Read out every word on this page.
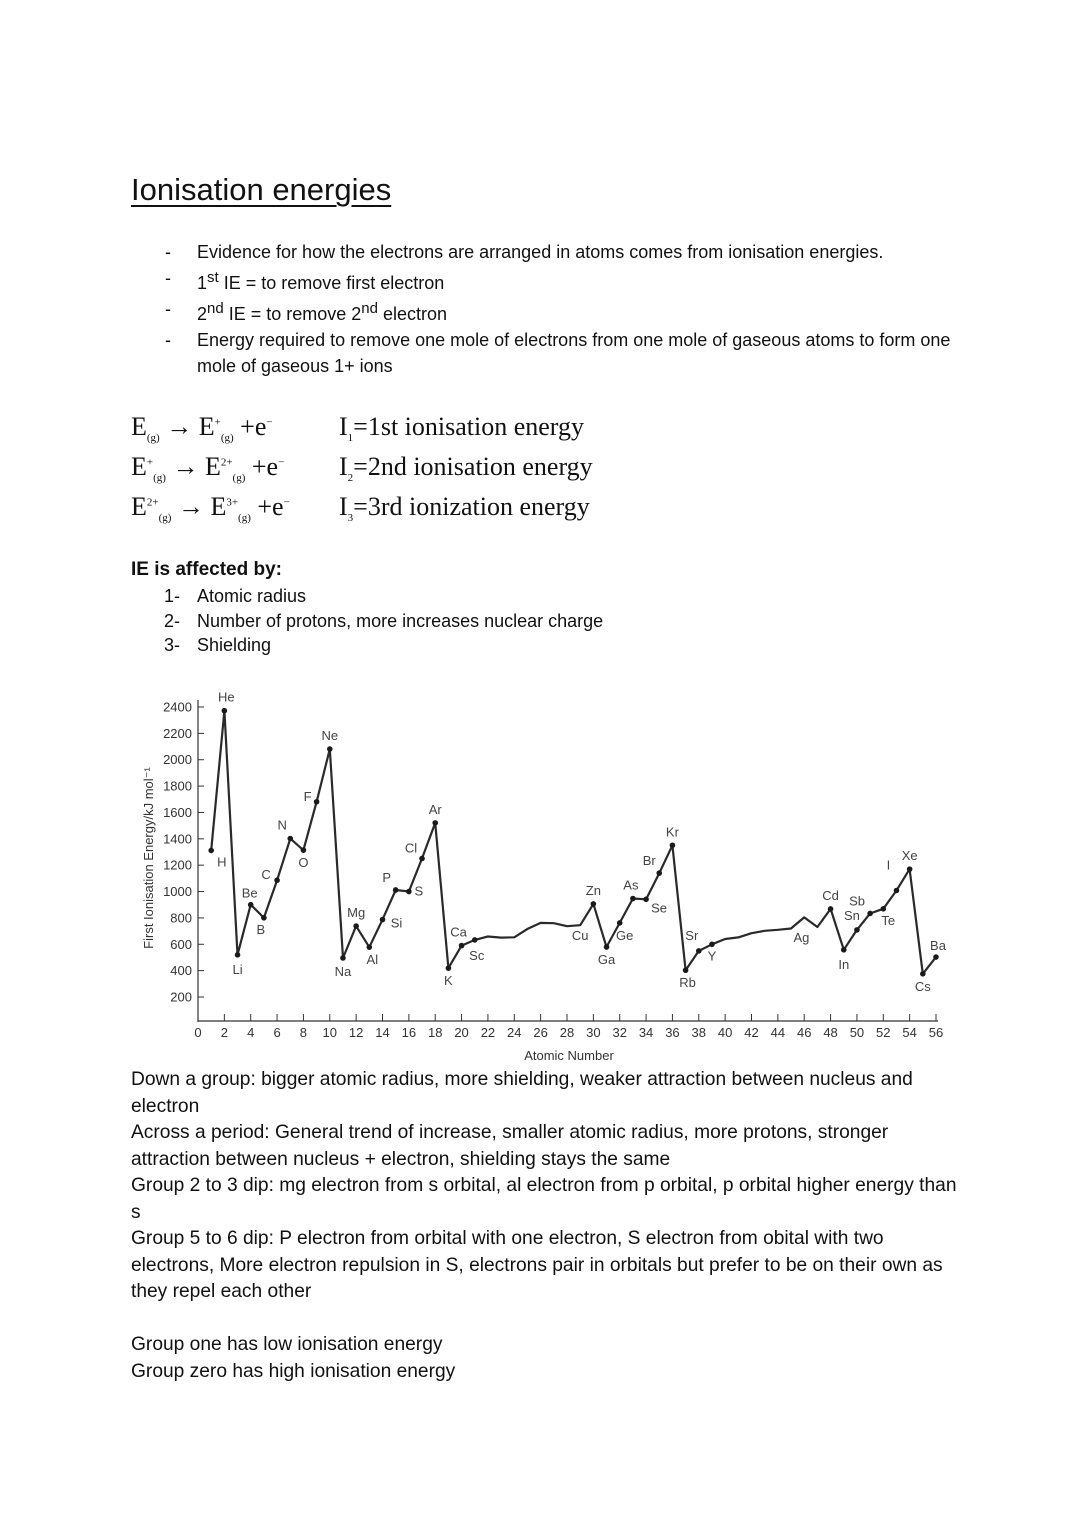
Ionisation energies
- Evidence for how the electrons are arranged in atoms comes from ionisation energies.
- 1st IE = to remove first electron
- 2nd IE = to remove 2nd electron
- Energy required to remove one mole of electrons from one mole of gaseous atoms to form one mole of gaseous 1+ ions
$E_{(g)} \to E^+_{(g)} +e^-$	$I_1=1st$ ionisation energy
$E^+_{(g)} \to E^{2+}_{(g)} +e^-$ $I_2=2nd$ ionisation energy
$E^{2+}_{(g)} \to E^{3+}_{(g)} +e^-$ $I_3=3rd$ ionization energy

IE is affected by:

1- Atomic radius
2- Number of protons, more increases nuclear charge
3- Shielding
200
400
600
800
1000
1200
1400
1600
1800
2000
2200
2400
0 2 4 6 8 10 12 14 16 18 20 22 24 26 28 30 32 34 36 38 40 42 44 46 48 50 52 54 56
Atomic Number
First Ionisation Energy/kJ mol⁻¹	H
He
Li
Be
B
C
N
O
F
Ne
Na
Mg
Al
Si
P
S
Cl
Ar
K
Ca
Sc
Cu
Zn
Ga
Ge
As
Se
Br
Kr
Rb
Sr
Y
Ag
Cd
In
Sn
Sb
Te
I
Xe
Cs
Ba

Down a group: bigger atomic radius, more shielding, weaker attraction between nucleus and electron

Across a period: General trend of increase, smaller atomic radius, more protons, stronger attraction between nucleus + electron, shielding stays the same

Group 2 to 3 dip: mg electron from s orbital, al electron from p orbital, p orbital higher energy than s

Group 5 to 6 dip: P electron from orbital with one electron, S electron from obital with two electrons, More electron repulsion in S, electrons pair in orbitals but prefer to be on their own as they repel each other

Group one has low ionisation energy

Group zero has high ionisation energy
